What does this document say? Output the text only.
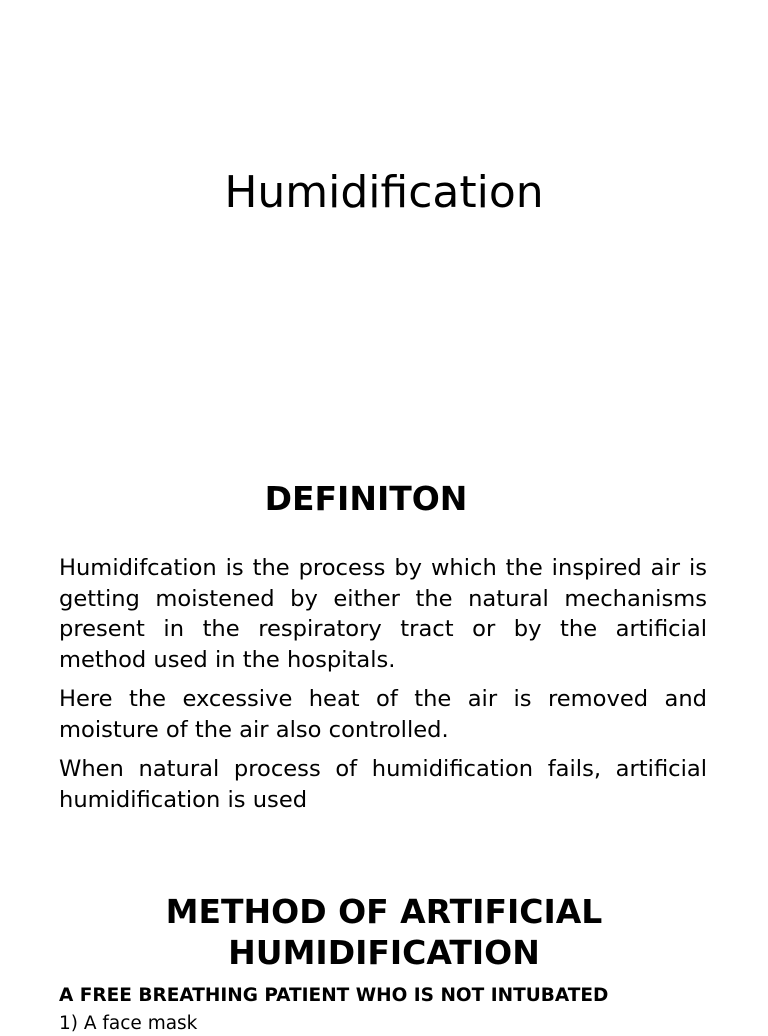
Humidification
DEFINITON

Humidifcation is the process by which the inspired air is getting moistened by either the natural mechanisms present in the respiratory tract or by the artificial method used in the hospitals.

Here the excessive heat of the air is removed and moisture of the air also controlled.

When natural process of humidification fails, artificial humidification is used

METHOD OF ARTIFICIAL
HUMIDIFICATION

A FREE BREATHING PATIENT WHO IS NOT INTUBATED

1) A face mask
